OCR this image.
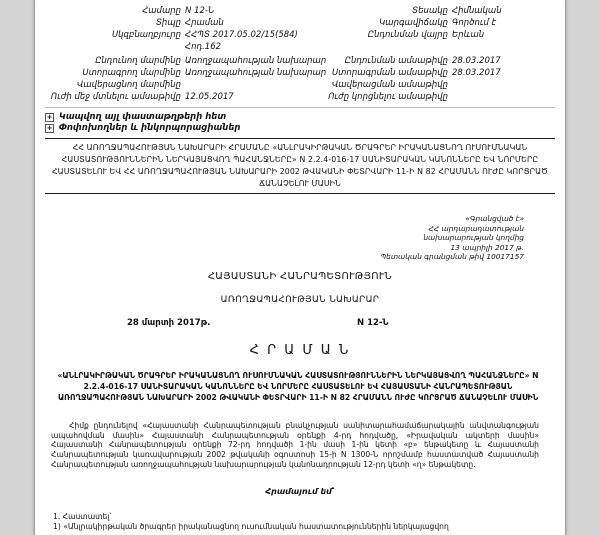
Համարը N 12-Ն
Տիպը Հրաման
Սկզբնաղբյուրը ՀՀՊՏ 2017.05.02/15(584)
Հոդ.162
Ընդունող մարմինը Առողջապահության նախարար
Ստորագրող մարմինը Առողջապահության նախարար
Վավերացնող մարմինը
Ուժի մեջ մտնելու ամսաթիվը 12.05.2017
Տեսակը Հիմնական
Կարգավիճակը Գործում է
Ընդունման վայրը Երևան
Ընդունման ամսաթիվը 28.03.2017
Ստորագրման ամսաթիվը 28.03.2017
Վավերացման ամսաթիվը
Ուժը կորցնելու ամսաթիվը
+ Կապվող այլ փաստաթղթերի հետ
+ Փոփոխողներ և ինկորպորացիաներ
ՀՀ ԱՌՈՂՋԱՊԱՀՈՒԹՅԱՆ ՆԱԽԱՐԱՐԻ ՀՐԱՄԱՆԸ «ԱՆԼՐԱԿԻՐԹԱԿԱՆ ԾՐԱԳՐԵՐ ԻՐԱԿԱՆԱՑՆՈՂ ՈՒՍՈՒՄՆԱԿԱՆ ՀԱՍՏԱՏՈՒԹՅՈՒՆՆԵՐԻՆ ՆԵՐԿԱՅԱՑՎՈՂ ՊԱՀԱՆՋՆԵՐԸ» N 2.2.4-016-17 ՍԱՆԻՏԱՐԱԿԱՆ ԿԱՆՈՆՆԵՐԸ ԵՎ ՆՈՐՄԵՐԸ ՀԱՍՏԱՏԵԼՈՒ ԵՎ ՀՀ ԱՌՈՂՋԱՊԱՀՈՒԹՅԱՆ ՆԱԽԱՐԱՐԻ 2002 ԹՎԱԿԱՆԻ ՓԵՏՐՎԱՐԻ 11-Ի N 82 ՀՐԱՄԱՆՆ ՈՒԺԸ ԿՈՐՑՐԱԾ ՃԱՆԱՉԵԼՈՒ ՄԱՍԻՆ
«Գրանցված է»
ՀՀ արդարադատության
նախարարության կողմից
13 ապրիլի 2017 թ.
Պետական գրանցման թիվ 10017157
ՀԱՅԱՍՏԱՆԻ ՀԱՆՐԱՊԵՏՈՒԹՅՈՒՆ
ԱՌՈՂՋԱՊԱՀՈՒԹՅԱՆ ՆԱԽԱՐԱՐ
28 մարտի 2017թ.	N 12-Ն
Հ Ր Ա Մ Ա Ն
«ԱՆԼՐԱԿԻՐԹԱԿԱՆ ԾՐԱԳՐԵՐ ԻՐԱԿԱՆԱՑՆՈՂ ՈՒՍՈՒՄՆԱԿԱՆ ՀԱՍՏԱՏՈՒԹՅՈՒՆՆԵՐԻՆ ՆԵՐԿԱՅԱՑՎՈՂ ՊԱՀԱՆՋՆԵՐԸ» N 2.2.4-016-17 ՍԱՆԻՏԱՐԱԿԱՆ ԿԱՆՈՆՆԵՐԸ ԵՎ ՆՈՐՄԵՐԸ ՀԱՍՏԱՏԵԼՈՒ ԵՎ ՀԱՅԱՍՏԱՆԻ ՀԱՆՐԱՊԵՏՈՒԹՅԱՆ ԱՌՈՂՋԱՊԱՀՈՒԹՅԱՆ ՆԱԽԱՐԱՐԻ 2002 ԹՎԱԿԱՆԻ ՓԵՏՐՎԱՐԻ 11-Ի N 82 ՀՐԱՄԱՆՆ ՈՒԺԸ ԿՈՐՑՐԱԾ ՃԱՆԱՉԵԼՈՒ ՄԱՍԻՆ
Հիմք ընդունելով «Հայաստանի Հանրապետության բնակչության սանիտարահամաճարակային անվտանգության ապահովման մասին» Հայաստանի Հանրապետության օրենքի 4-րդ հոդվածը, «Իրավական ակտերի մասին» Հայաստանի Հանրապետության օրենքի 72-րդ հոդվածի 1-ին մասի 1-ին կետի «բ» ենթակետը և Հայաստանի Հանրապետության կառավարության 2002 թվականի օգոստոսի 15-ի N 1300-Ն որոշմամբ հաստատված Հայաստանի Հանրապետության առողջապահության նախարարության կանոնադրության 12-րդ կետի «ղ» ենթակետը.
Հրամայում եմ՝
1. Հաստատել՝
1) «Անլրակիրթական ծրագրեր իրականացնող ուսումնական հաստատություններին ներկայացվող
